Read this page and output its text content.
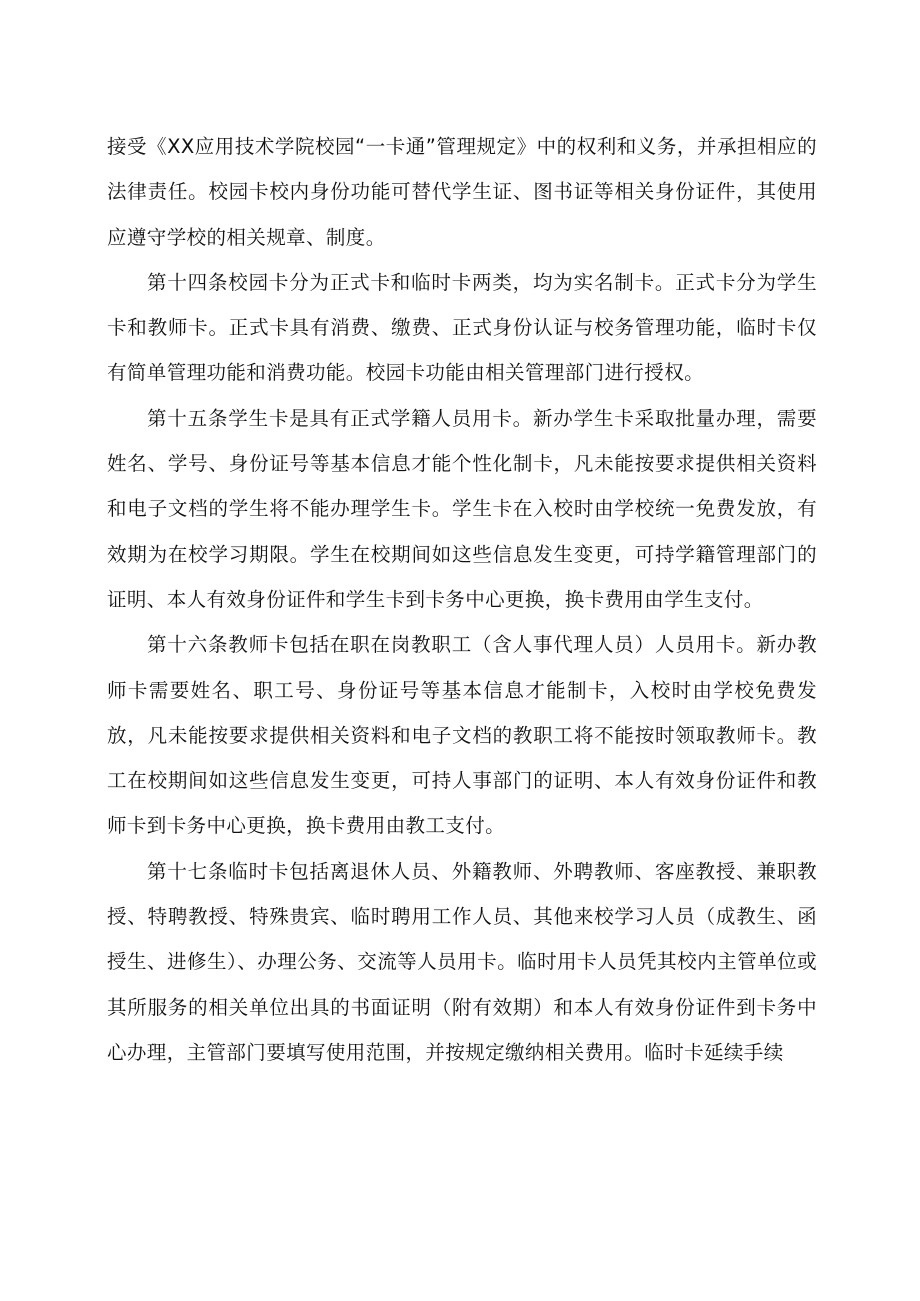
接受《XX应用技术学院校园“一卡通”管理规定》中的权利和义务，并承担相应的法律责任。校园卡校内身份功能可替代学生证、图书证等相关身份证件，其使用应遵守学校的相关规章、制度。

第十四条校园卡分为正式卡和临时卡两类，均为实名制卡。正式卡分为学生卡和教师卡。正式卡具有消费、缴费、正式身份认证与校务管理功能，临时卡仅有简单管理功能和消费功能。校园卡功能由相关管理部门进行授权。

第十五条学生卡是具有正式学籍人员用卡。新办学生卡采取批量办理，需要姓名、学号、身份证号等基本信息才能个性化制卡，凡未能按要求提供相关资料和电子文档的学生将不能办理学生卡。学生卡在入校时由学校统一免费发放，有效期为在校学习期限。学生在校期间如这些信息发生变更，可持学籍管理部门的证明、本人有效身份证件和学生卡到卡务中心更换，换卡费用由学生支付。

第十六条教师卡包括在职在岗教职工（含人事代理人员）人员用卡。新办教师卡需要姓名、职工号、身份证号等基本信息才能制卡，入校时由学校免费发放，凡未能按要求提供相关资料和电子文档的教职工将不能按时领取教师卡。教工在校期间如这些信息发生变更，可持人事部门的证明、本人有效身份证件和教师卡到卡务中心更换，换卡费用由教工支付。

第十七条临时卡包括离退休人员、外籍教师、外聘教师、客座教授、兼职教授、特聘教授、特殊贵宾、临时聘用工作人员、其他来校学习人员（成教生、函授生、进修生）、办理公务、交流等人员用卡。临时用卡人员凭其校内主管单位或其所服务的相关单位出具的书面证明（附有效期）和本人有效身份证件到卡务中心办理，主管部门要填写使用范围，并按规定缴纳相关费用。临时卡延续手续
